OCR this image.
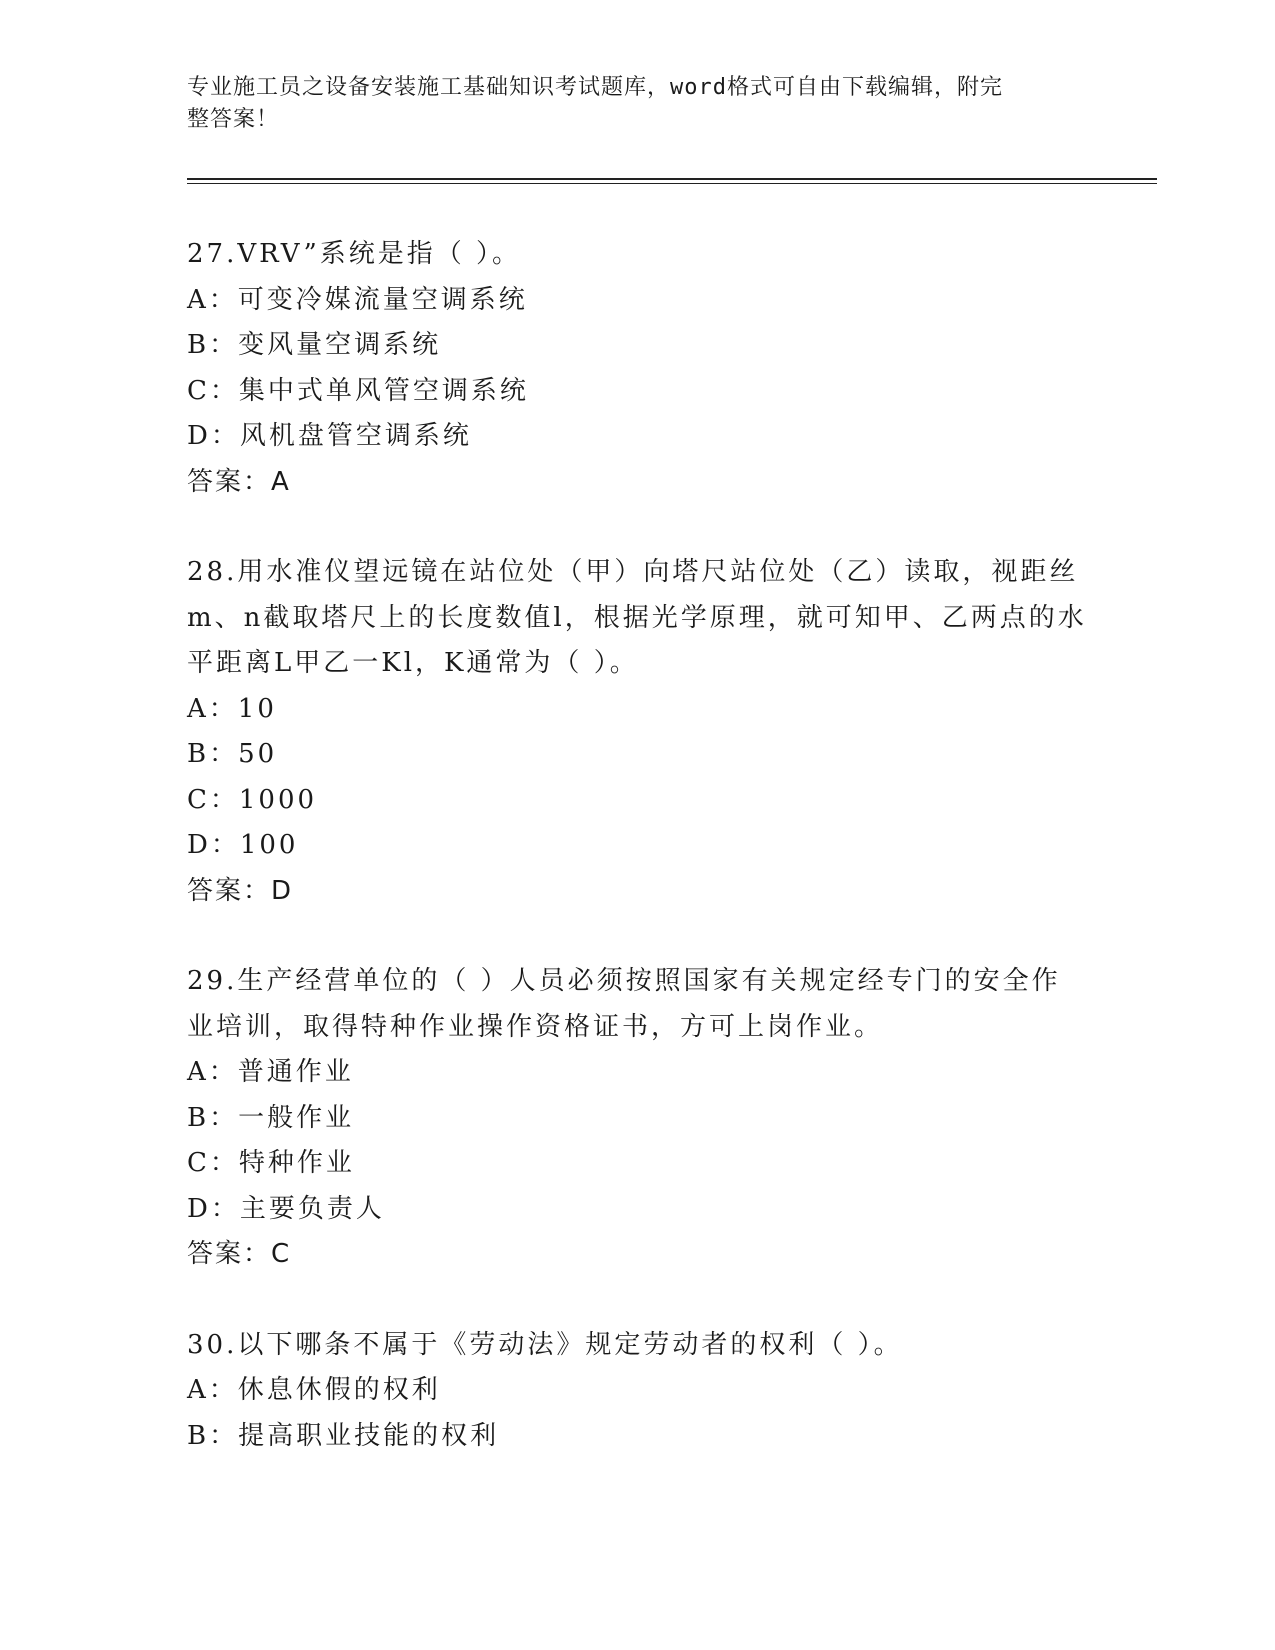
专业施工员之设备安装施工基础知识考试题库，word格式可自由下载编辑，附完
整答案！
27.VRV”系统是指（ ）。
A：可变冷媒流量空调系统
B：变风量空调系统
C：集中式单风管空调系统
D：风机盘管空调系统
答案：A
28.用水准仪望远镜在站位处（甲）向塔尺站位处（乙）读取，视距丝m、n截取塔尺上的长度数值l，根据光学原理，就可知甲、乙两点的水平距离L甲乙一Kl，K通常为（ ）。
A：10
B：50
C：1000
D：100
答案：D
29.生产经营单位的（ ）人员必须按照国家有关规定经专门的安全作业培训，取得特种作业操作资格证书，方可上岗作业。
A：普通作业
B：一般作业
C：特种作业
D：主要负责人
答案：C
30.以下哪条不属于《劳动法》规定劳动者的权利（ ）。
A：休息休假的权利
B：提高职业技能的权利
